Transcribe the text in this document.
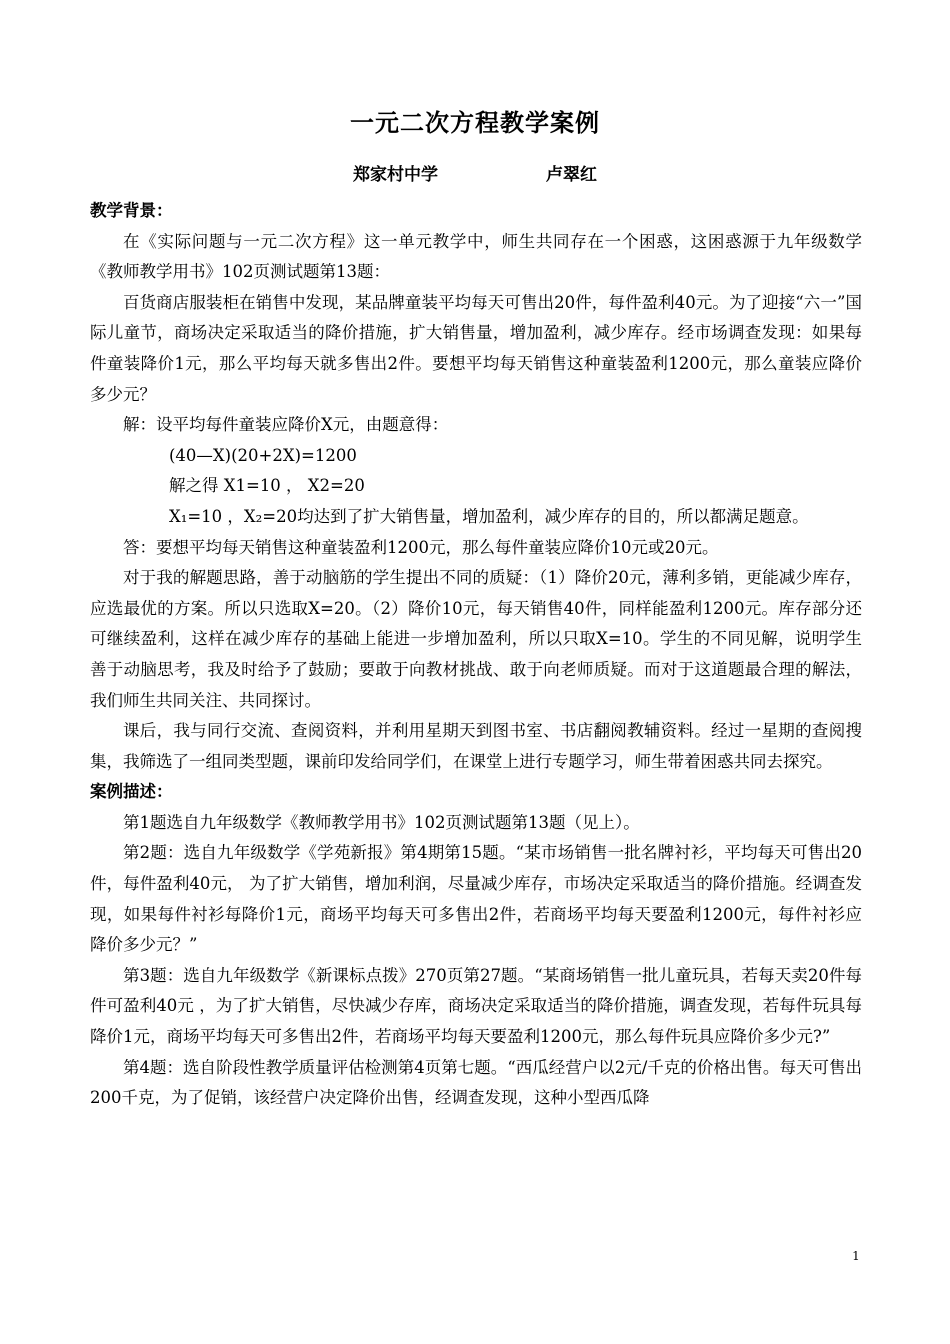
一元二次方程教学案例
郑家村中学	卢翠红

教学背景：

在《实际问题与一元二次方程》这一单元教学中，师生共同存在一个困惑，这困惑源于九年级数学《教师教学用书》102页测试题第13题：

百货商店服装柜在销售中发现，某品牌童装平均每天可售出20件，每件盈利40元。为了迎接“六一”国际儿童节，商场决定采取适当的降价措施，扩大销售量，增加盈利，减少库存。经市场调查发现：如果每件童装降价1元，那么平均每天就多售出2件。要想平均每天销售这种童装盈利1200元，那么童装应降价多少元？

解：设平均每件童装应降价X元，由题意得：

(40—X)(20+2X)=1200

解之得 X1=10 ， X2=20

X₁=10 ，X₂=20均达到了扩大销售量，增加盈利，减少库存的目的，所以都满足题意。

答：要想平均每天销售这种童装盈利1200元，那么每件童装应降价10元或20元。

对于我的解题思路，善于动脑筋的学生提出不同的质疑：（1）降价20元，薄利多销，更能减少库存，应选最优的方案。所以只选取X=20。（2）降价10元，每天销售40件，同样能盈利1200元。库存部分还可继续盈利，这样在减少库存的基础上能进一步增加盈利，所以只取X=10。学生的不同见解，说明学生善于动脑思考，我及时给予了鼓励；要敢于向教材挑战、敢于向老师质疑。而对于这道题最合理的解法，我们师生共同关注、共同探讨。

课后，我与同行交流、查阅资料，并利用星期天到图书室、书店翻阅教辅资料。经过一星期的查阅搜集，我筛选了一组同类型题，课前印发给同学们，在课堂上进行专题学习，师生带着困惑共同去探究。

案例描述：

第1题选自九年级数学《教师教学用书》102页测试题第13题（见上）。

第2题：选自九年级数学《学苑新报》第4期第15题。“某市场销售一批名牌衬衫，平均每天可售出20件，每件盈利40元， 为了扩大销售，增加利润，尽量减少库存，市场决定采取适当的降价措施。经调查发现，如果每件衬衫每降价1元，商场平均每天可多售出2件，若商场平均每天要盈利1200元，每件衬衫应降价多少元？”

第3题：选自九年级数学《新课标点拨》270页第27题。“某商场销售一批儿童玩具，若每天卖20件每件可盈利40元 ，为了扩大销售，尽快减少存库，商场决定采取适当的降价措施，调查发现，若每件玩具每降价1元，商场平均每天可多售出2件，若商场平均每天要盈利1200元，那么每件玩具应降价多少元?”

第4题：选自阶段性教学质量评估检测第4页第七题。“西瓜经营户以2元/千克的价格出售。每天可售出200千克，为了促销，该经营户决定降价出售，经调查发现，这种小型西瓜降

1
